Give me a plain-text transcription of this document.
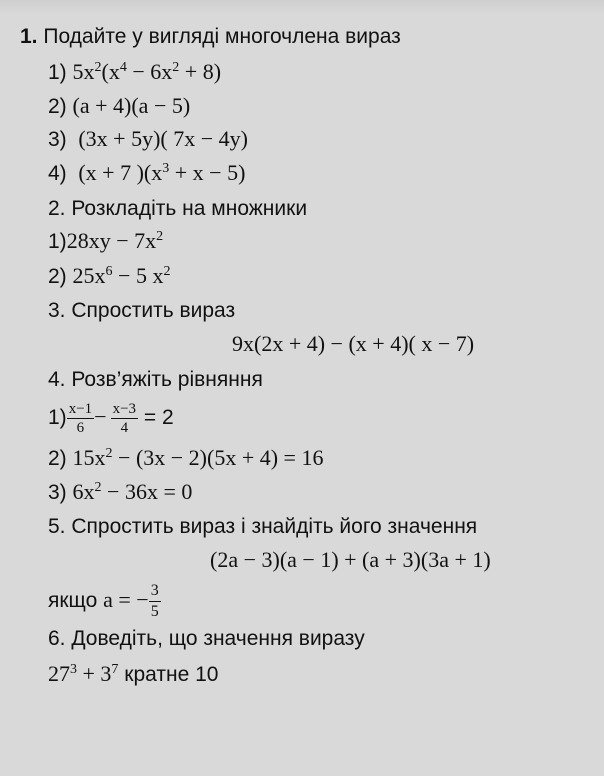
1. Подайте у вигляді многочлена вираз
1) $5x^2(x^4 - 6x^2 + 8)$
2) (a + 4)(a − 5)
3) (3x + 5y)( 7x − 4y)
4) (x + 7 )$(x^3 + x - 5)$
2. Розкладіть на множники
$1)28xy - 7x^2$
2) $25x^6 - 5$ $x^2$
3. Спростить вираз
9x(2x + 4) − (x + 4)( x − 7)
4. Розв’яжіть рівняння
$1) \frac{x-1}{6} - \frac{x-3}{4} = 2$
2) $15x^2 - (3x - 2)(5x + 4) = 16$
3) $6x^2 - 36x = 0$
5. Спростить вираз і знайдіть його значення
(2a − 3)(a − 1) + (a + 3)(3a + 1)
якщо a = − $\frac{3}{5}$
6. Доведіть, що значення виразу
$27^3 + 3^7$ кратне 10
